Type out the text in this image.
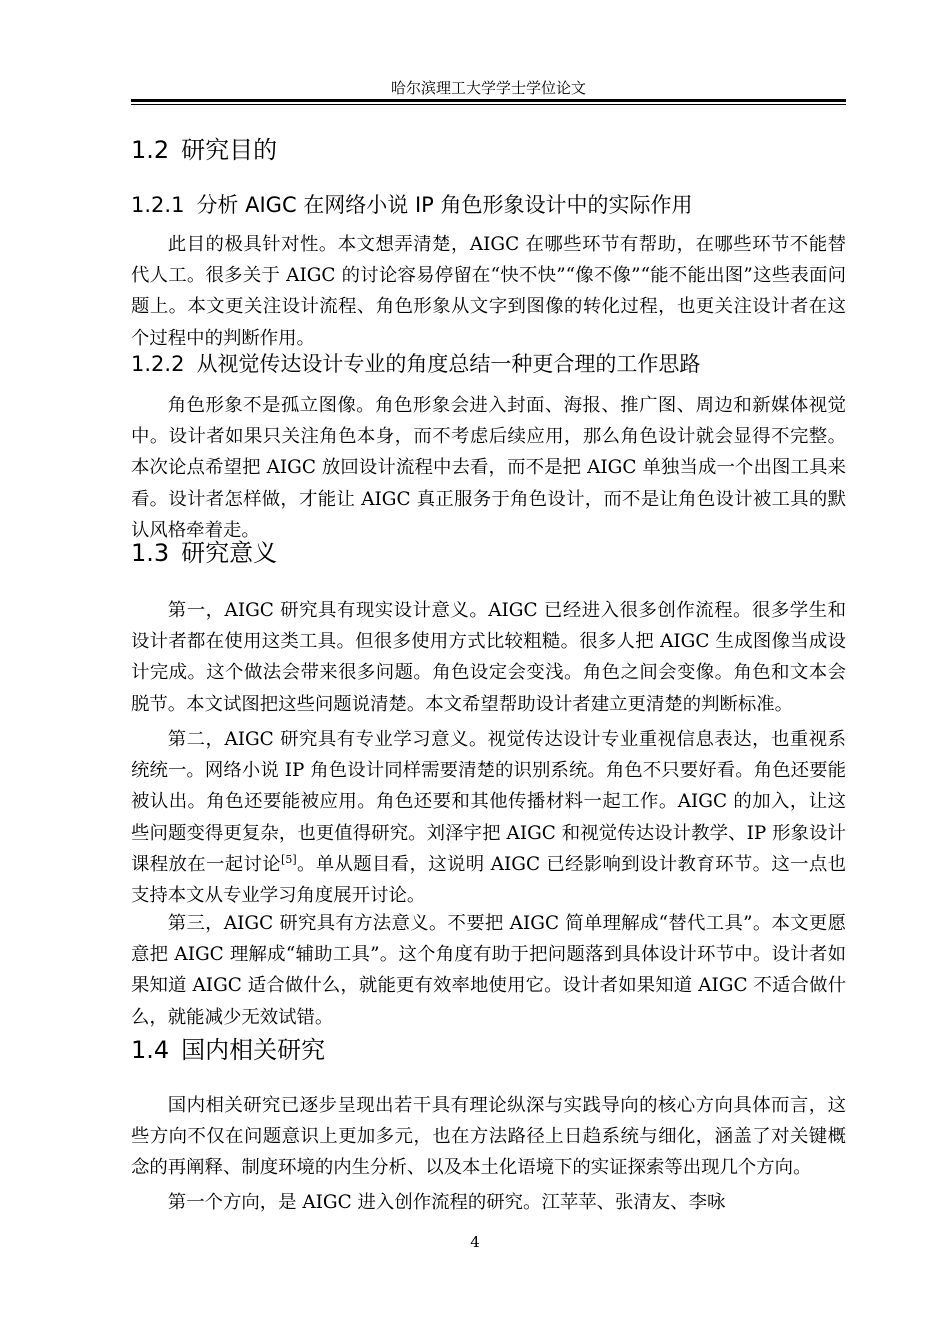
哈尔滨理工大学学士学位论文
1.2 研究目的
1.2.1 分析 AIGC 在网络小说 IP 角色形象设计中的实际作用
此目的极具针对性。本文想弄清楚，AIGC 在哪些环节有帮助，在哪些环节不能替代人工。很多关于 AIGC 的讨论容易停留在“快不快”“像不像”“能不能出图”这些表面问题上。本文更关注设计流程、角色形象从文字到图像的转化过程，也更关注设计者在这个过程中的判断作用。
1.2.2 从视觉传达设计专业的角度总结一种更合理的工作思路
角色形象不是孤立图像。角色形象会进入封面、海报、推广图、周边和新媒体视觉中。设计者如果只关注角色本身，而不考虑后续应用，那么角色设计就会显得不完整。本次论点希望把 AIGC 放回设计流程中去看，而不是把 AIGC 单独当成一个出图工具来看。设计者怎样做，才能让 AIGC 真正服务于角色设计，而不是让角色设计被工具的默认风格牵着走。
1.3 研究意义
第一，AIGC 研究具有现实设计意义。AIGC 已经进入很多创作流程。很多学生和设计者都在使用这类工具。但很多使用方式比较粗糙。很多人把 AIGC 生成图像当成设计完成。这个做法会带来很多问题。角色设定会变浅。角色之间会变像。角色和文本会脱节。本文试图把这些问题说清楚。本文希望帮助设计者建立更清楚的判断标准。
第二，AIGC 研究具有专业学习意义。视觉传达设计专业重视信息表达，也重视系统统一。网络小说 IP 角色设计同样需要清楚的识别系统。角色不只要好看。角色还要能被认出。角色还要能被应用。角色还要和其他传播材料一起工作。AIGC 的加入，让这些问题变得更复杂，也更值得研究。刘泽宇把 AIGC 和视觉传达设计教学、IP 形象设计课程放在一起讨论[5]。单从题目看，这说明 AIGC 已经影响到设计教育环节。这一点也支持本文从专业学习角度展开讨论。
第三，AIGC 研究具有方法意义。不要把 AIGC 简单理解成“替代工具”。本文更愿意把 AIGC 理解成“辅助工具”。这个角度有助于把问题落到具体设计环节中。设计者如果知道 AIGC 适合做什么，就能更有效率地使用它。设计者如果知道 AIGC 不适合做什么，就能减少无效试错。
1.4 国内相关研究
国内相关研究已逐步呈现出若干具有理论纵深与实践导向的核心方向具体而言，这些方向不仅在问题意识上更加多元，也在方法路径上日趋系统与细化，涵盖了对关键概念的再阐释、制度环境的内生分析、以及本土化语境下的实证探索等出现几个方向。
第一个方向，是 AIGC 进入创作流程的研究。江苹苹、张清友、李咏
4
